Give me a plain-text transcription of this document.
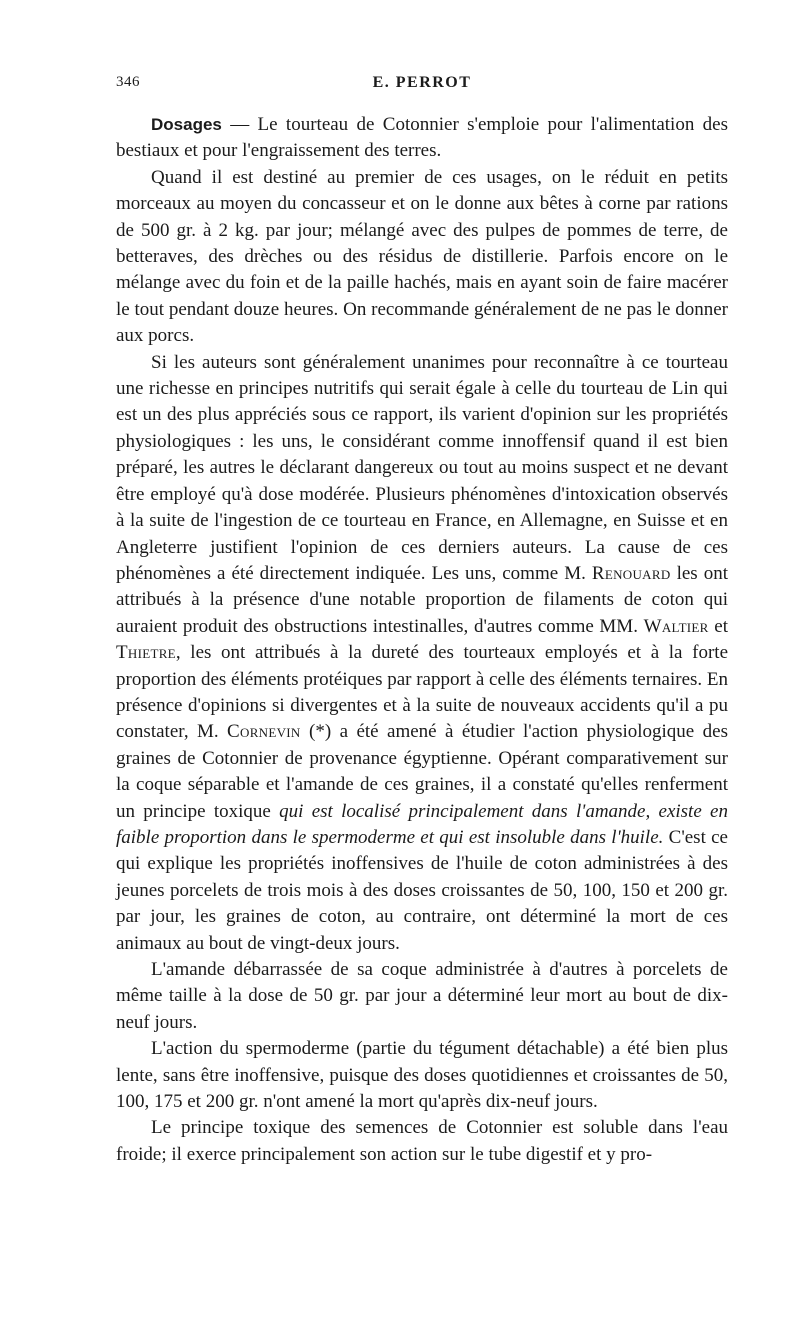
346	E. PERROT

Dosages — Le tourteau de Cotonnier s'emploie pour l'alimentation des bestiaux et pour l'engraissement des terres.

Quand il est destiné au premier de ces usages, on le réduit en petits morceaux au moyen du concasseur et on le donne aux bêtes à corne par rations de 500 gr. à 2 kg. par jour; mélangé avec des pulpes de pommes de terre, de betteraves, des drèches ou des résidus de distillerie. Parfois encore on le mélange avec du foin et de la paille hachés, mais en ayant soin de faire macérer le tout pendant douze heures. On recommande généralement de ne pas le donner aux porcs.

Si les auteurs sont généralement unanimes pour reconnaître à ce tourteau une richesse en principes nutritifs qui serait égale à celle du tourteau de Lin qui est un des plus appréciés sous ce rapport, ils varient d'opinion sur les propriétés physiologiques : les uns, le considérant comme innoffensif quand il est bien préparé, les autres le déclarant dangereux ou tout au moins suspect et ne devant être employé qu'à dose modérée. Plusieurs phénomènes d'intoxication observés à la suite de l'ingestion de ce tourteau en France, en Allemagne, en Suisse et en Angleterre justifient l'opinion de ces derniers auteurs. La cause de ces phénomènes a été directement indiquée. Les uns, comme M. Renouard les ont attribués à la présence d'une notable proportion de filaments de coton qui auraient produit des obstructions intestinalles, d'autres comme MM. Waltier et Thietre, les ont attribués à la dureté des tourteaux employés et à la forte proportion des éléments protéiques par rapport à celle des éléments ternaires. En présence d'opinions si divergentes et à la suite de nouveaux accidents qu'il a pu constater, M. Cornevin (*) a été amené à étudier l'action physiologique des graines de Cotonnier de provenance égyptienne. Opérant comparativement sur la coque séparable et l'amande de ces graines, il a constaté qu'elles renferment un principe toxique qui est localisé principalement dans l'amande, existe en faible proportion dans le spermoderme et qui est insoluble dans l'huile. C'est ce qui explique les propriétés inoffensives de l'huile de coton administrées à des jeunes porcelets de trois mois à des doses croissantes de 50, 100, 150 et 200 gr. par jour, les graines de coton, au contraire, ont déterminé la mort de ces animaux au bout de vingt-deux jours.

L'amande débarrassée de sa coque administrée à d'autres à porcelets de même taille à la dose de 50 gr. par jour a déterminé leur mort au bout de dix-neuf jours.

L'action du spermoderme (partie du tégument détachable) a été bien plus lente, sans être inoffensive, puisque des doses quotidiennes et croissantes de 50, 100, 175 et 200 gr. n'ont amené la mort qu'après dix-neuf jours.

Le principe toxique des semences de Cotonnier est soluble dans l'eau froide; il exerce principalement son action sur le tube digestif et y pro-
